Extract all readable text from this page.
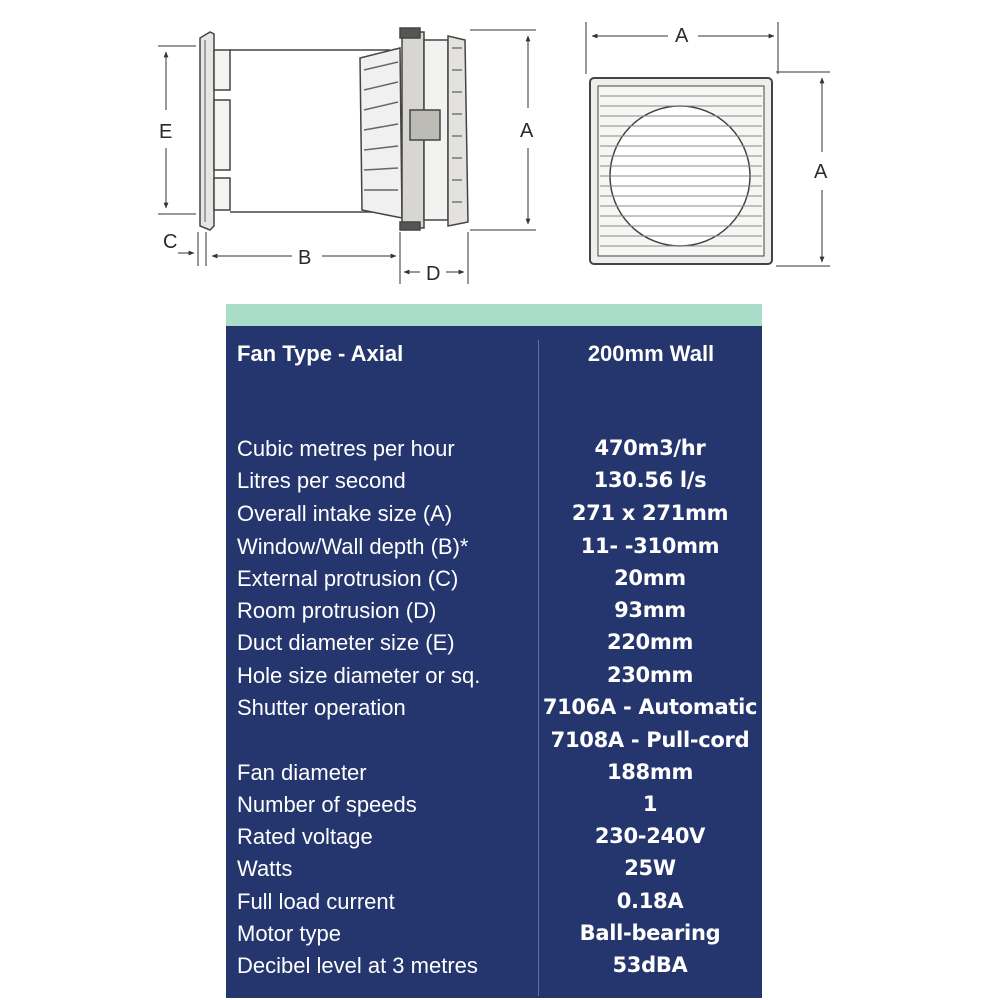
E	A
C
B
D
A
A
Fan Type - Axial	200mm Wall
Cubic metres per hour	470m3/hr
Litres per second	130.56 l/s
Overall intake size (A)	271 x 271mm
Window/Wall depth (B)*	11- -310mm
External protrusion (C)	20mm
Room protrusion (D)	93mm
Duct diameter size (E)	220mm
Hole size diameter or sq.	230mm
Shutter operation	7106A - Automatic
7108A - Pull-cord
Fan diameter	188mm
Number of speeds	1
Rated voltage	230-240V
Watts	25W
Full load current	0.18A
Motor type	Ball-bearing
Decibel level at 3 metres	53dBA
